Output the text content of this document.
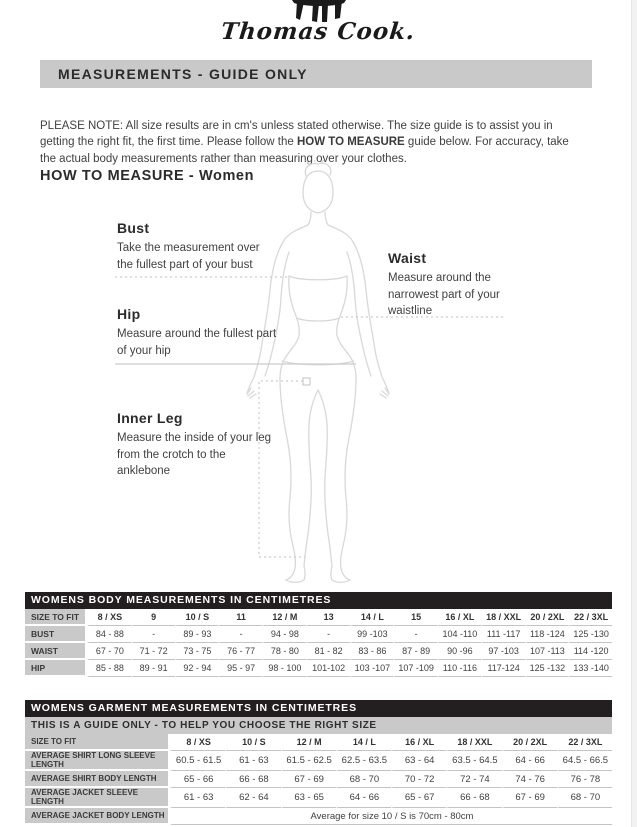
Thomas Cook.
MEASUREMENTS - GUIDE ONLY

PLEASE NOTE: All size results are in cm's unless stated otherwise. The size guide is to assist you in getting the right fit, the first time. Please follow the HOW TO MEASURE guide below. For accuracy, take the actual body measurements rather than measuring over your clothes.

HOW TO MEASURE - Women
Bust
Take the measurement over the fullest part of your bust
Hip
Measure around the fullest part of your hip
Inner Leg
Measure the inside of your leg from the crotch to the anklebone
Waist
Measure around the narrowest part of your waistline
WOMENS BODY MEASUREMENTS IN CENTIMETRES
SIZE TO FIT	8 / XS	9	10 / S	11	12 / M	13	14 / L	15	16 / XL	18 / XXL	20 / 2XL	22 / 3XL
BUST	84 - 88	-	89 - 93	-	94 - 98	-	99 -103	-	104 -110	111 -117	118 -124	125 -130
WAIST	67 - 70	71 - 72	73 - 75	76 - 77	78 - 80	81 - 82	83 - 86	87 - 89	90 -96	97 -103	107 -113	114 -120
HIP	85 - 88	89 - 91	92 - 94	95 - 97	98 - 100	101-102	103 -107	107 -109	110 -116	117-124	125 -132	133 -140
WOMENS GARMENT MEASUREMENTS IN CENTIMETRES
THIS IS A GUIDE ONLY - TO HELP YOU CHOOSE THE RIGHT SIZE
SIZE TO FIT	8 / XS	10 / S	12 / M	14 / L	16 / XL	18 / XXL	20 / 2XL	22 / 3XL
AVERAGE SHIRT LONG SLEEVE LENGTH	60.5 - 61.5	61 - 63	61.5 - 62.5	62.5 - 63.5	63 - 64	63.5 - 64.5	64 - 66	64.5 - 66.5
AVERAGE SHIRT BODY LENGTH	65 - 66	66 - 68	67 - 69	68 - 70	70 - 72	72 - 74	74 - 76	76 - 78
AVERAGE JACKET SLEEVE LENGTH	61 - 63	62 - 64	63 - 65	64 - 66	65 - 67	66 - 68	67 - 69	68 - 70
AVERAGE JACKET BODY LENGTH	Average for size 10 / S is 70cm - 80cm							
